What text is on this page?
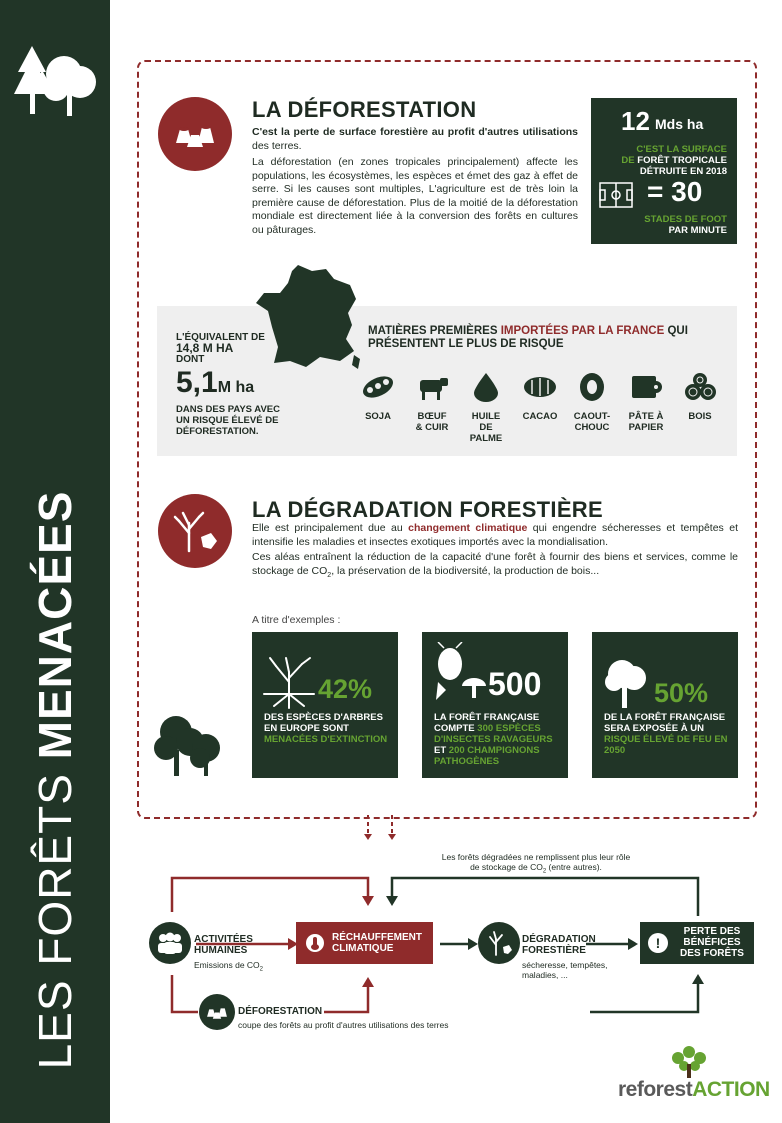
LES FORÊTS MENACÉES
LA DÉFORESTATION
C'est la perte de surface forestière au profit d'autres utilisations des terres.
La déforestation (en zones tropicales principalement) affecte les populations, les écosystèmes, les espèces et émet des gaz à effet de serre. Si les causes sont multiples, L'agriculture est de très loin la première cause de déforestation. Plus de la moitié de la déforestation mondiale est directement liée à la conversion des forêts en cultures ou pâturages.
12 Mds ha
C'EST LA SURFACE
DE FORÊT TROPICALE
DÉTRUITE EN 2018
= 30
STADES DE FOOT
PAR MINUTE
L'ÉQUIVALENT DE
14,8 M HA
DONT
5,1M ha
DANS DES PAYS AVEC UN RISQUE ÉLEVÉ DE DÉFORESTATION.
MATIÈRES PREMIÈRES IMPORTÉES PAR LA FRANCE QUI PRÉSENTENT LE PLUS DE RISQUE
SOJA	BŒUF
& CUIR
HUILE
DE
PALME
CACAO	CAOUT-
CHOUC
PÂTE À
PAPIER
BOIS
LA DÉGRADATION FORESTIÈRE
Elle est principalement due au changement climatique qui engendre sécheresses et tempêtes et intensifie les maladies et insectes exotiques importés avec la mondialisation.
Ces aléas entraînent la réduction de la capacité d'une forêt à fournir des biens et services, comme le stockage de $CO_2$, la préservation de la biodiversité, la production de bois...
A titre d'exemples :
42%
DES ESPÈCES D'ARBRES EN EUROPE SONT MENACÉES D'EXTINCTION
500
LA FORÊT FRANÇAISE COMPTE 300 ESPÈCES D'INSECTES RAVAGEURS ET 200 CHAMPIGNONS PATHOGÈNES
50%
DE LA FORÊT FRANÇAISE SERA EXPOSÉE À UN RISQUE ÉLEVÉ DE FEU EN 2050
Les forêts dégradées ne remplissent plus leur rôle
de stockage de $CO_2$ (entre autres).
ACTIVITÉES HUMAINES
Emissions de $CO_2$
RÉCHAUFFEMENT CLIMATIQUE
DÉGRADATION FORESTIÈRE
sécheresse, tempêtes, maladies, ...
!
PERTE DES BÉNÉFICES DES FORÊTS
DÉFORESTATION
coupe des forêts au profit d'autres utilisations des terres
reforestACTION
